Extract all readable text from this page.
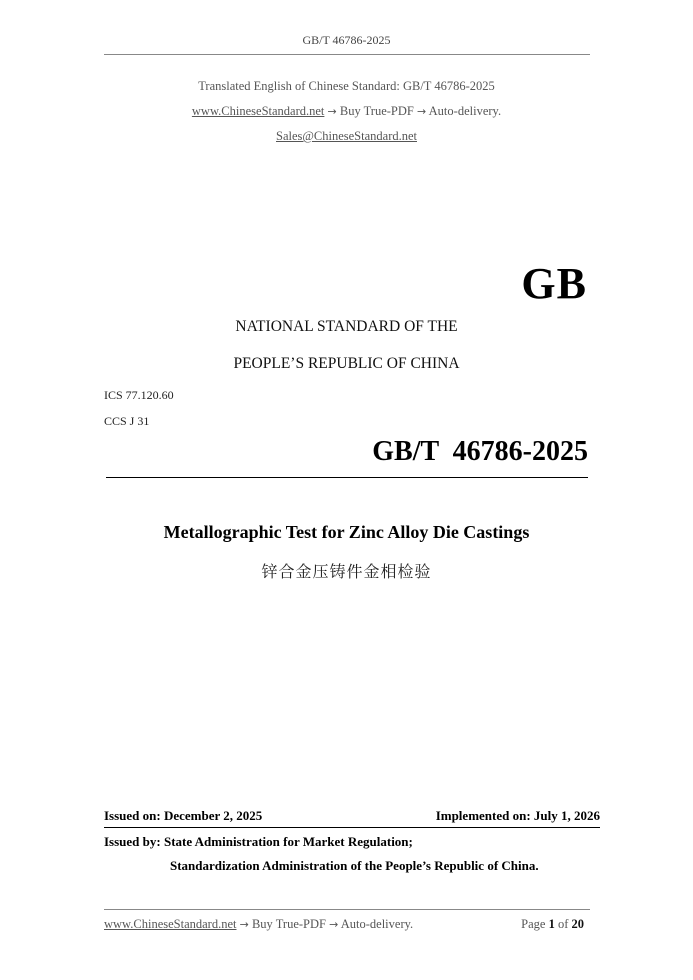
GB/T 46786-2025
Translated English of Chinese Standard: GB/T 46786-2025
www.ChineseStandard.net → Buy True-PDF → Auto-delivery.
Sales@ChineseStandard.net
GB
NATIONAL STANDARD OF THE
PEOPLE’S REPUBLIC OF CHINA
ICS 77.120.60
CCS J 31
GB/T  46786-2025
Metallographic Test for Zinc Alloy Die Castings
锌合金压铸件金相检验
Issued on: December 2, 2025	Implemented on: July 1, 2026
Issued by: State Administration for Market Regulation;
Standardization Administration of the People’s Republic of China.
www.ChineseStandard.net → Buy True-PDF → Auto-delivery.	Page 1 of 20
